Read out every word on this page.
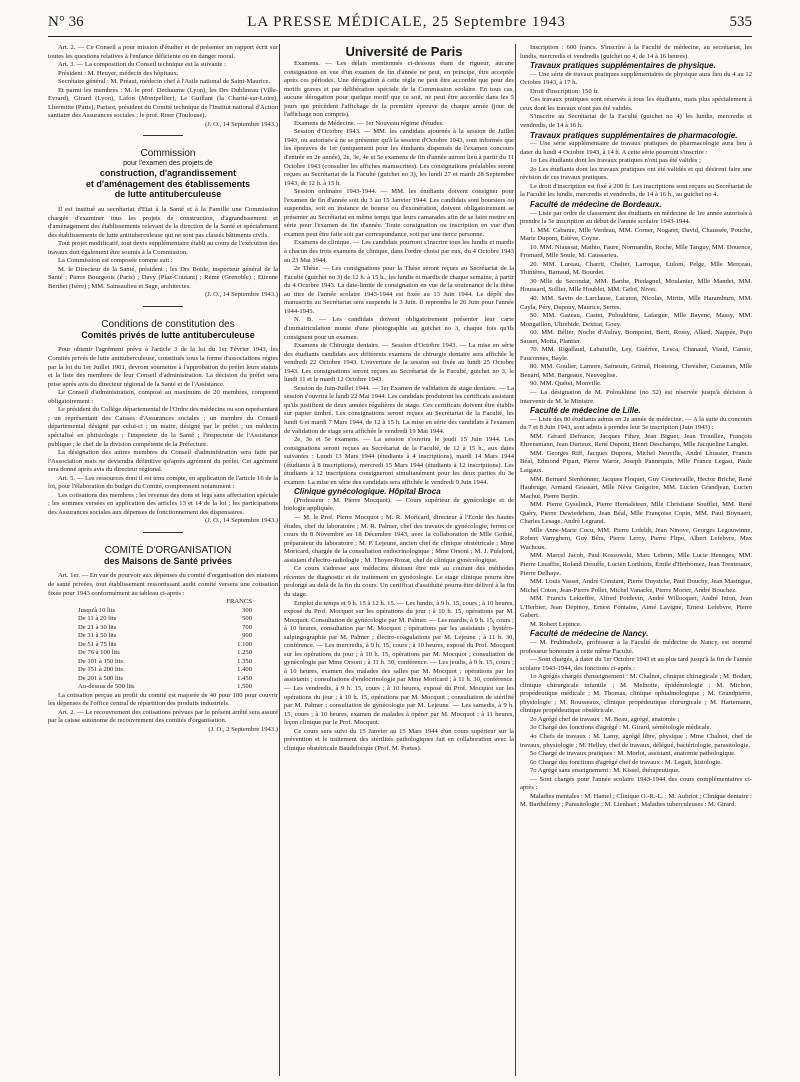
N° 36	LA PRESSE MÉDICALE, 25 Septembre 1943	535

Art. 2. — Ce Conseil a pour mission d'étudier et de présenter un rapport écrit sur toutes les questions relatives à l'enfance déficiente ou en danger moral.

Art. 3. — La composition du Conseil technique est la suivante :

Président : M. Heuyer, médecin des hôpitaux.

Secrétaire général : M. Préaut, médecin chef à l'Asile national de Saint-Maurice.

Et parmi les membres : M. le prof. Dechaume (Lyon), les Drs Dublineau (Ville-Evrard), Girard (Lyon), Lafon (Montpellier), Le Guillant (la Charité-sur-Loire), Lhermitte (Paris), Parisot, président du Comité technique de l'Institut national d'Action sanitaire des Assurances sociales ; le prof. Riser (Toulouse).

(J. O., 14 Septembre 1943.)

Commission

pour l'examen des projets de

construction, d'agrandissement

et d'aménagement des établissements

de lutte antituberculeuse

Il est institué au secrétariat d'Etat à la Santé et à la Famille une Commission chargée d'examiner tous les projets de construction, d'agrandissement et d'aménagement des établissements relevant de la direction de la Santé et spécialement des établissements de lutte antituberculeuse qui ne sont pas classés bâtiments civils.

Tout projet modificatif, tout devis supplémentaire établi au cours de l'exécution des travaux doit également être soumis à la Commission.

La Commission est composée comme suit :

M. le Directeur de la Santé, président ; les Drs Boide, inspecteur général de la Santé ; Pierre Bourgeois (Paris) ; Davy (Plaz-Coutant) ; Rème (Grenoble) ; Etienne Berthet (Isère) ; MM. Sainsaulieu et Sage, architectes.

(J. O., 14 Septembre 1943.)

Conditions de constitution des

Comités privés de lutte antituberculeuse

Pour obtenir l'agrément prévu à l'article 3 de la loi du 1er Février 1943, les Comités privés de lutte antituberculeuse, constitués sous la forme d'associations régies par la loi du 1er Juillet 1901, devront soumettre à l'approbation du préfet leurs statuts et la liste des membres de leur Conseil d'administration. La décision du préfet sera prise après avis du directeur régional de la Santé et de l'Assistance.

Le Conseil d'administration, composé au maximum de 20 membres, comprend obligatoirement :

Le président du Collège départemental de l'Ordre des médecins ou son représentant ; un représentant des Caisses d'Assurances sociales ; un membre du Conseil départemental désigné par celui-ci ; un maire, désigné par le préfet ; un médecin spécialisé en phtisiologie ; l'inspecteur de la Santé ; l'inspecteur de l'Assistance publique ; le chef de la division compétente de la Préfecture.

La désignation des autres membres du Conseil d'administration sera faite par l'Association mais ne deviendra définitive qu'après agrément du préfet. Cet agrément sera donné après avis du directeur régional.

Art. 5. — Les ressources dont il est tenu compte, en application de l'article 16 de la loi, pour l'élaboration du budget du Comité, comprennent notamment :

Les cotisations des membres ; les revenus des dons et legs sans affectation spéciale ; les sommes versées en application des articles 13 et 14 de la loi ; les participations des Assurances sociales aux dépenses de fonctionnement des dispensaires.

(J. O., 14 Septembre 1943.)

COMITÉ D'ORGANISATION

des Maisons de Santé privées

Art. 1er. — En vue de pourvoir aux dépenses du comité d'organisation des maisons de santé privées, tout établissement ressortissant audit comité versera une cotisation fixée pour 1943 conformément au tableau ci-après :

	FRANCS
Jusqu'à 10 lits	300
De 11 à 20 lits	500
De 21 à 30 lits	700
De 31 à 50 lits	900
De 51 à 75 lits	1.100
De 76 à 100 lits	1.250
De 101 à 150 lits	1.350
De 151 à 200 lits	1.400
De 201 à 500 lits	1.450
Au-dessus de 500 lits	1.500

La cotisation perçue au profit du comité est majorée de 40 pour 100 pour couvrir les dépenses de l'office central de répartition des produits industriels.

Art. 2. — Le recouvrement des cotisations prévues par le présent arrêté sera assuré par la caisse autonome de recouvrement des comités d'organisation.

(J. O., 2 Septembre 1943.)

Université de Paris

Examens. — Les délais mentionnés ci-dessous étant de rigueur, aucune consignation en vue d'un examen de fin d'année ne peut, en principe, être acceptée après ces périodes. Une dérogation à cette règle ne peut être accordée que pour des motifs graves et par délibération spéciale de la Commission scolaire. En tous cas, aucune dérogation pour quelque motif que ce soit, ne peut être accordée dans les 5 jours qui précèdent l'affichage de la première épreuve de chaque année (jour de l'affichage non compris).

Examens de Médecine. — 1er Nouveau régime d'études.

Session d'Octobre 1943. — MM. les candidats ajournés à la session de Juillet 1943, ou autorisés à ne se présenter qu'à la session d'Octobre 1943, sont informés que les épreuves de 1er (uniquement pour les étudiants dispensés de l'examen concours d'entrée en 2e année), 2e, 3e, 4e et 5e examens de fin d'année auront lieu à partir du 11 Octobre 1943 (consulter les affiches manuscrites). Les consignations préalables seront reçues au Secrétariat de la Faculté (guichet no 3), les lundi 27 et mardi 28 Septembre 1943, de 12 h. à 15 h.

Session ordinaire 1943-1944. — MM. les étudiants doivent consigner pour l'examen de fin d'année soit du 3 au 15 Janvier 1944. Les candidats sont boursiers ou suspendus, soit en instance de bourse ou d'exonération, doivent obligatoirement se présenter au Secrétariat en même temps que leurs camarades afin de se faire mettre en série pour l'examen de fin d'année. Toute consignation ou inscription en vue d'un examen peut être faite soit par correspondance, soit par une tierce personne.

Examens de clinique. — Les candidats pourront s'inscrire tous les lundis et mardis à chacun des trois examens de clinique, dans l'ordre choisi par eux, du 4 Octobre 1943 au 23 Mai 1944.

2e Thèse. — Les consignations pour la Thèse seront reçues au Secrétariat de la Faculté (guichet no 3) de 12 h. à 15 h., les lundis et mardis de chaque semaine, à partir du 4 Octobre 1943. La date-limite de consignation en vue de la soutenance de la thèse au titre de l'année scolaire 1943-1944 est fixée au 13 Juin 1944. Le dépôt des manuscrits au Secrétariat sera suspendu le 3 Juin. Il reprendra le 26 Juin pour l'année 1944-1945.

N. B. — Les candidats doivent obligatoirement présenter leur carte d'immatriculation munie d'une photographie au guichet no 3, chaque fois qu'ils consignent pour un examen.

Examens de Chirurgie dentaire. — Session d'Octobre 1943. — La mise en série des étudiants candidats aux différents examens de chirurgie dentaire sera affichée le vendredi 22 Octobre 1943. L'ouverture de la session est fixée au lundi 25 Octobre 1943. Les consignations seront reçues au Secrétariat de la Faculté, guichet no 3, le lundi 11 et le mardi 12 Octobre 1943.

Session de Juin-Juillet 1944. — 1er Examen de validation de stage dentaire. — La session s'ouvrira le lundi 22 Mai 1944. Les candidats produiront les certificats assistant qu'ils justifient de deux années régulières de stage. Ces certificats doivent être établis sur papier timbré. Les consignations seront reçues au Secrétariat de la Faculté, les lundi 6 et mardi 7 Mars 1944, de 12 à 15 h. La mise en série des candidats à l'examen de validation de stage sera affichée le vendredi 19 Mai 1944.

2e, 3e et 5e examens. — La session s'ouvrira le jeudi 15 Juin 1944. Les consignations seront reçues au Secrétariat de la Faculté, de 12 à 15 h., aux dates suivantes : Lundi 13 Mars 1944 (étudiants à 4 inscriptions), mardi 14 Mars 1944 (étudiants à 8 inscriptions), mercredi 15 Mars 1944 (étudiants à 12 inscriptions). Les étudiants à 12 inscriptions consigneront simultanément pour les deux parties du 3e examen. La mise en série des candidats sera affichée le vendredi 9 Juin 1944.

Clinique gynécologique. Hôpital Broca

(Professeur : M. Pierre Mocquot). — Cours supérieur de gynécologie et de biologie appliquée.

— M. le Prof. Pierre Mocquot ; M. R. Moricard, directeur à l'Ecole des hautes études, chef du laboratoire ; M. R. Palmer, chef des travaux de gynécologie, feront ce cours du 8 Novembre au 18 Décembre 1943, avec la collaboration de Mlle Gothié, préparateur du laboratoire ; M. P. Lejeune, ancien chef de clinique obstétricale ; Mme Moricard, chargée de la consultation endocrinologique ; Mme Orsoni ; M. J. Pulsford, assistant d'électro-radiologie ; M. Thoyer-Rozat, chef de clinique gynécologique.

Ce cours s'adresse aux médecins désirant être mis au courant des méthodes récentes de diagnostic et de traitement en gynécologie. Le stage clinique pourra être prolongé au delà de la fin du cours. Un certificat d'assiduité pourra être délivré à la fin du stage.

Emploi du temps et 9 h. 15 à 12 h. 15. — Les lundis, à 9 h. 15, cours ; à 10 heures, exposé du Prof. Mocquot sur les opérations du jour ; à 10 h. 15, opérations par M. Mocquot. Consultation de gynécologie par M. Palmer. — Les mardis, à 9 h. 15, cours ; à 10 heures, consultation par M. Mocquot ; opérations par les assistants ; hystéro-salpingographie par M. Palmer ; électro-coagulations par M. Lejeune ; à 11 h. 30, conférence. — Les mercredis, à 9 h. 15, cours ; à 10 heures, exposé du Prof. Mocquot sur les opérations du jour ; à 10 h. 15, opérations par M. Mocquot ; consultation de gynécologie par Mme Orsoni ; à 11 h. 30, conférence. — Les jeudis, à 9 h. 15, cours ; à 10 heures, examen des malades des salles par M. Mocquot ; opérations par les assistants ; consultations d'endocrinologie par Mme Moricard ; à 11 h. 30, conférence. — Les vendredis, à 9 h. 15, cours ; à 10 heures, exposé du Prof. Mocquot sur les opérations du jour ; à 10 h. 15, opérations par M. Mocquot ; consultation de stérilité par M. Palmer ; consultation de gynécologie par M. Lejeune. — Les samedis, à 9 h. 15, cours ; à 10 heures, examen de malades à opérer par M. Mocquot ; à 11 heures, leçon clinique par le Prof. Mocquot.

Ce cours sera suivi du 15 Janvier au 15 Mars 1944 d'un cours supérieur sur la prévention et le traitement des stérilités pathologiques fait en collaboration avec la clinique obstétricale Baudelocque (Prof. M. Portes).

Inscription : 600 francs. S'inscrire à la Faculté de médecine, au secrétariat, les lundis, mercredis et vendredis (guichet no 4, de 14 à 16 heures).

Travaux pratiques supplémentaires de physique.

— Une série de travaux pratiques supplémentaires de physique aura lieu du 4 au 12 Octobre 1943, à 17 h.

Droit d'inscription: 150 fr.

Ces travaux pratiques sont réservés à tous les étudiants, mais plus spécialement à ceux dont les travaux n'ont pas été validés.

S'inscrire au Secrétariat de la Faculté (guichet no 4) les lundis, mercredis et vendredis, de 14 à 16 h.

Travaux pratiques supplémentaires de pharmacologie.

— Une série supplémentaire de travaux pratiques de pharmacologie aura lieu à dater du lundi 4 Octobre 1943, à 14 h. A cette série pourront s'inscrire :

1o Les étudiants dont les travaux pratiques n'ont pas été validés ;

2o Les étudiants dont les travaux pratiques ont été validés et qui désirent faire une révision de ces travaux pratiques.

Le droit d'inscription est fixé à 200 fr. Les inscriptions sont reçues au Secrétariat de la Faculté les lundis, mercredis et vendredis, de 14 à 16 h., au guichet no 4.

Faculté de médecine de Bordeaux.

— Liste par ordre de classement des étudiants en médecine de 1re année autorisés à prendre la 5e inscription au début de l'année scolaire 1943-1944.

1. MM. Cabanie, Mlle Verdeau, MM. Corner, Nogaret, David, Chaussée, Pouche, Marie Dupont, Estève, Coyne.

10. MM. Niaussat, Mathio, Faure, Normandin, Roche, Mlle Tanguy, MM. Douence, Fromard, Mlle Soule, M. Caussarieu.

20. MM. Lureau, Charrit, Chalier, Larroque, Lulom, Pelge, Mlle Merceau, Thinières, Barraud, M. Bourdet.

30 Mlle de Secondat, MM. Barthe, Piedagnel, Moulanier, Mlle Mandet, MM. Houssard, Sollier, Mlle Houblet, MM. Gelot, Nivet.

40. MM. Savin de Larclause, Lacaton, Nicolas, Mirtin, Mlle Haramburu, MM. Cayla, Péry, Dupouy, Maurice, Serres.

50. MM. Gazeau, Castet, Poloukhine, Lafargue, Mlle Bayenc, Massy, MM. Mongaillon, Ultrebide, Dextrat, Gouy.

60. MM. Bélier, Noche d'Aulray, Bompoint, Berit, Rossy, Allard, Nappée, Pujo Sauset, Motta, Plantier.

70. MM. Rigallaud, Labatuille, Ley, Guérive, Lesca, Chanaud, Viaud, Canior, Fauconnes, Bayle.

80. MM. Goulier, Lamore, Saineuin, Grimal, Hosteing, Chevalier, Cazauran, Mlle Benard, MM. Bargeaux, Neuveglise.

90. MM. Quétet, Monville.

— La désignation de M. Poloukhine (no 52) est réservée jusqu'à décision à intervenir de M. le Ministre.

Faculté de médecine de Lille.

— Liste des 80 étudiants admis en 2e année de médecine. — A la suite du concours du 7 et 8 Juin 1943, sont admis à prendre leur 5e inscription (Juin 1943) :

MM. Gérard Defrance, Jacques Fihey, Jean Biguet, Jean Trouillez, François Ehrensmann, Jean Durieux, René Dupont, Henri Deschamps, Mlle Jacqueline Langlet.

MM. Georges Riff, Jacques Dupons, Michel Neuville, André Lhussier, Francis Béal, Edmond Pipart, Pierre Waror, Joseph Pannequin, Mlle France Legast, Paule Laigaux.

MM. Bernard Stenhonner, Jacques Floquet, Guy Courtevaille, Hector Briche, René Haubruge, Armand Grassart, Mlle Néva Grégoire, MM. Lucien Grandjean, Lucien Machut, Pierre Bertin.

MM. Pierre Gyselinck, Pierre Hernalsteen, Mlle Christiane Soufflet, MM. René Quéry, Pierre Dewiedehem, Jean Béal, Mlle Françoise Copin, MM. Paul Boynaert, Charles Lesage, André Legrand.

Mlle Anne-Marie Cocu, MM. Pierre Lofeldt, Jean Ninove, Georges Legouwinne, Robert Vanygbem, Guy Béra, Pierre Leroy, Pierre Flipo, Albert Lefebvre, Max Wachcux.

MM. Marcel Jacob, Paul Kossowski, Marc Lebrun, Mlle Lucie Henuges, MM. Pierre Lesaffre, Roland Drouffe, Lucien Lorthiois, Émile d'Herbomez, Jean Trentesaux, Pierre Delhaye.

MM. Louis Vasset, André Constant, Pierre Duystche, Paul Douchy, Jean Masingue, Michel Coton, Jean-Pierre Pollet, Michel Vanacke, Pierre Morier, André Bouchez.

MM. Francis Lekieffre, Alfred Potdevin, André Willocquet, André Inion, Jean L'Herbier, Jean Depinoy, Ernest Fontaine, Aimé Lavigne, Ernest Lefebvre, Pierre Gabert.

M. Robert Lepince.

Faculté de médecine de Nancy.

— M. Fruhinsholz, professeur à la Faculté de médecine de Nancy, est nommé professeur honoraire à cette même Faculté.

— Sont chargés, à dater du 1er Octobre 1943 et au plus tard jusqu'à la fin de l'année scolaire 1943-1944, des fonctions ci-après :

1o Agrégés chargés d'enseignement : M. Chalnot, clinique chirurgicale ; M. Bodart, clinique chirurgicale infantile ; M. Melnotte, épidémiologie ; M. Michon, propédeutique médicale ; M. Thomas, clinique ophtalmologique ; M. Grandpierre, physiologie ; M. Rousseaux, clinique propédeutique chirurgicale ; M. Hartemann, clinique propédeutique obstétricale.

2o Agrégé chef de travaux : M. Beau, agrégé, anatomie ;

3o Chargé des fonctions d'agrégé : M. Girard, séméiologie médicale.

4o Chefs de travaux : M. Lamy, agrégé libre, physique ; Mme Chalnot, chef de travaux, physiologie ; M. Helluy, chef de travaux, délégué, bactériologie, parasitologie.

5o Chargé de travaux pratiques : M. Morlot, assistant, anatomie pathologique.

6o Chargé des fonctions d'agrégé chef de travaux : M. Legait, histologie.

7o Agrégé sans enseignement : M. Kissel, thérapeutique.

— Sont chargés pour l'année scolaire 1943-1944 des cours complémentaires ci-après :

Maladies mentales : M. Hamel ; Clinique O.-R.-L. : M. Aubriot ; Clinique dentaire : M. Barthélemy ; Parasitologie : M. Lienhart ; Maladies tuberculeuses : M. Girard.
